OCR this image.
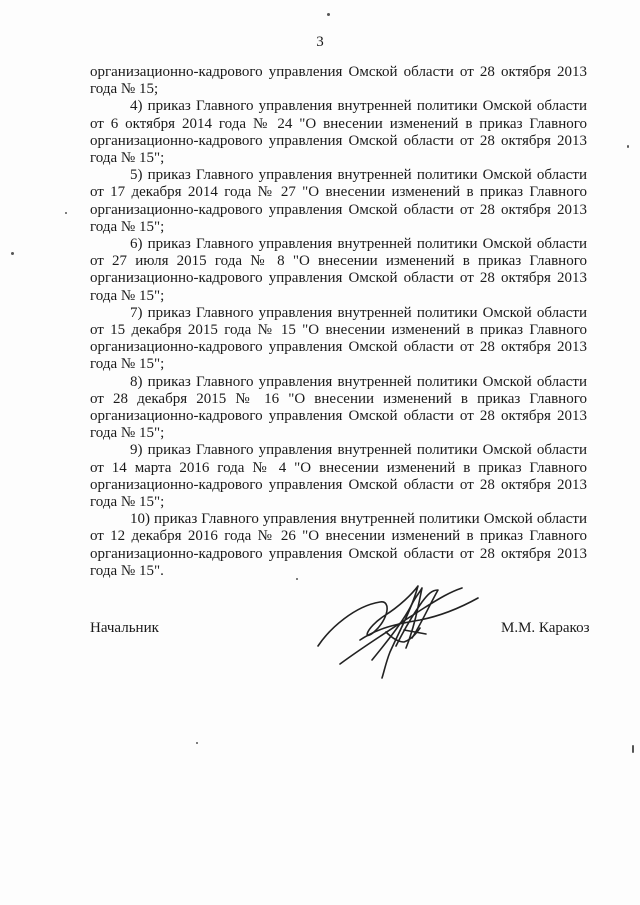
3

организационно-кадрового управления Омской области от 28 октября 2013 года № 15;

4) приказ Главного управления внутренней политики Омской области от 6 октября 2014 года № 24 "О внесении изменений в приказ Главного организационно-кадрового управления Омской области от 28 октября 2013 года № 15";

5) приказ Главного управления внутренней политики Омской области от 17 декабря 2014 года № 27 "О внесении изменений в приказ Главного организационно-кадрового управления Омской области от 28 октября 2013 года № 15";

6) приказ Главного управления внутренней политики Омской области от 27 июля 2015 года № 8 "О внесении изменений в приказ Главного организационно-кадрового управления Омской области от 28 октября 2013 года № 15";

7) приказ Главного управления внутренней политики Омской области от 15 декабря 2015 года № 15 "О внесении изменений в приказ Главного организационно-кадрового управления Омской области от 28 октября 2013 года № 15";

8) приказ Главного управления внутренней политики Омской области от 28 декабря 2015 № 16 "О внесении изменений в приказ Главного организационно-кадрового управления Омской области от 28 октября 2013 года № 15";

9) приказ Главного управления внутренней политики Омской области от 14 марта 2016 года № 4 "О внесении изменений в приказ Главного организационно-кадрового управления Омской области от 28 октября 2013 года № 15";

10) приказ Главного управления внутренней политики Омской области от 12 декабря 2016 года № 26 "О внесении изменений в приказ Главного организационно-кадрового управления Омской области от 28 октября 2013 года № 15".

Начальник	М.М. Каракоз
